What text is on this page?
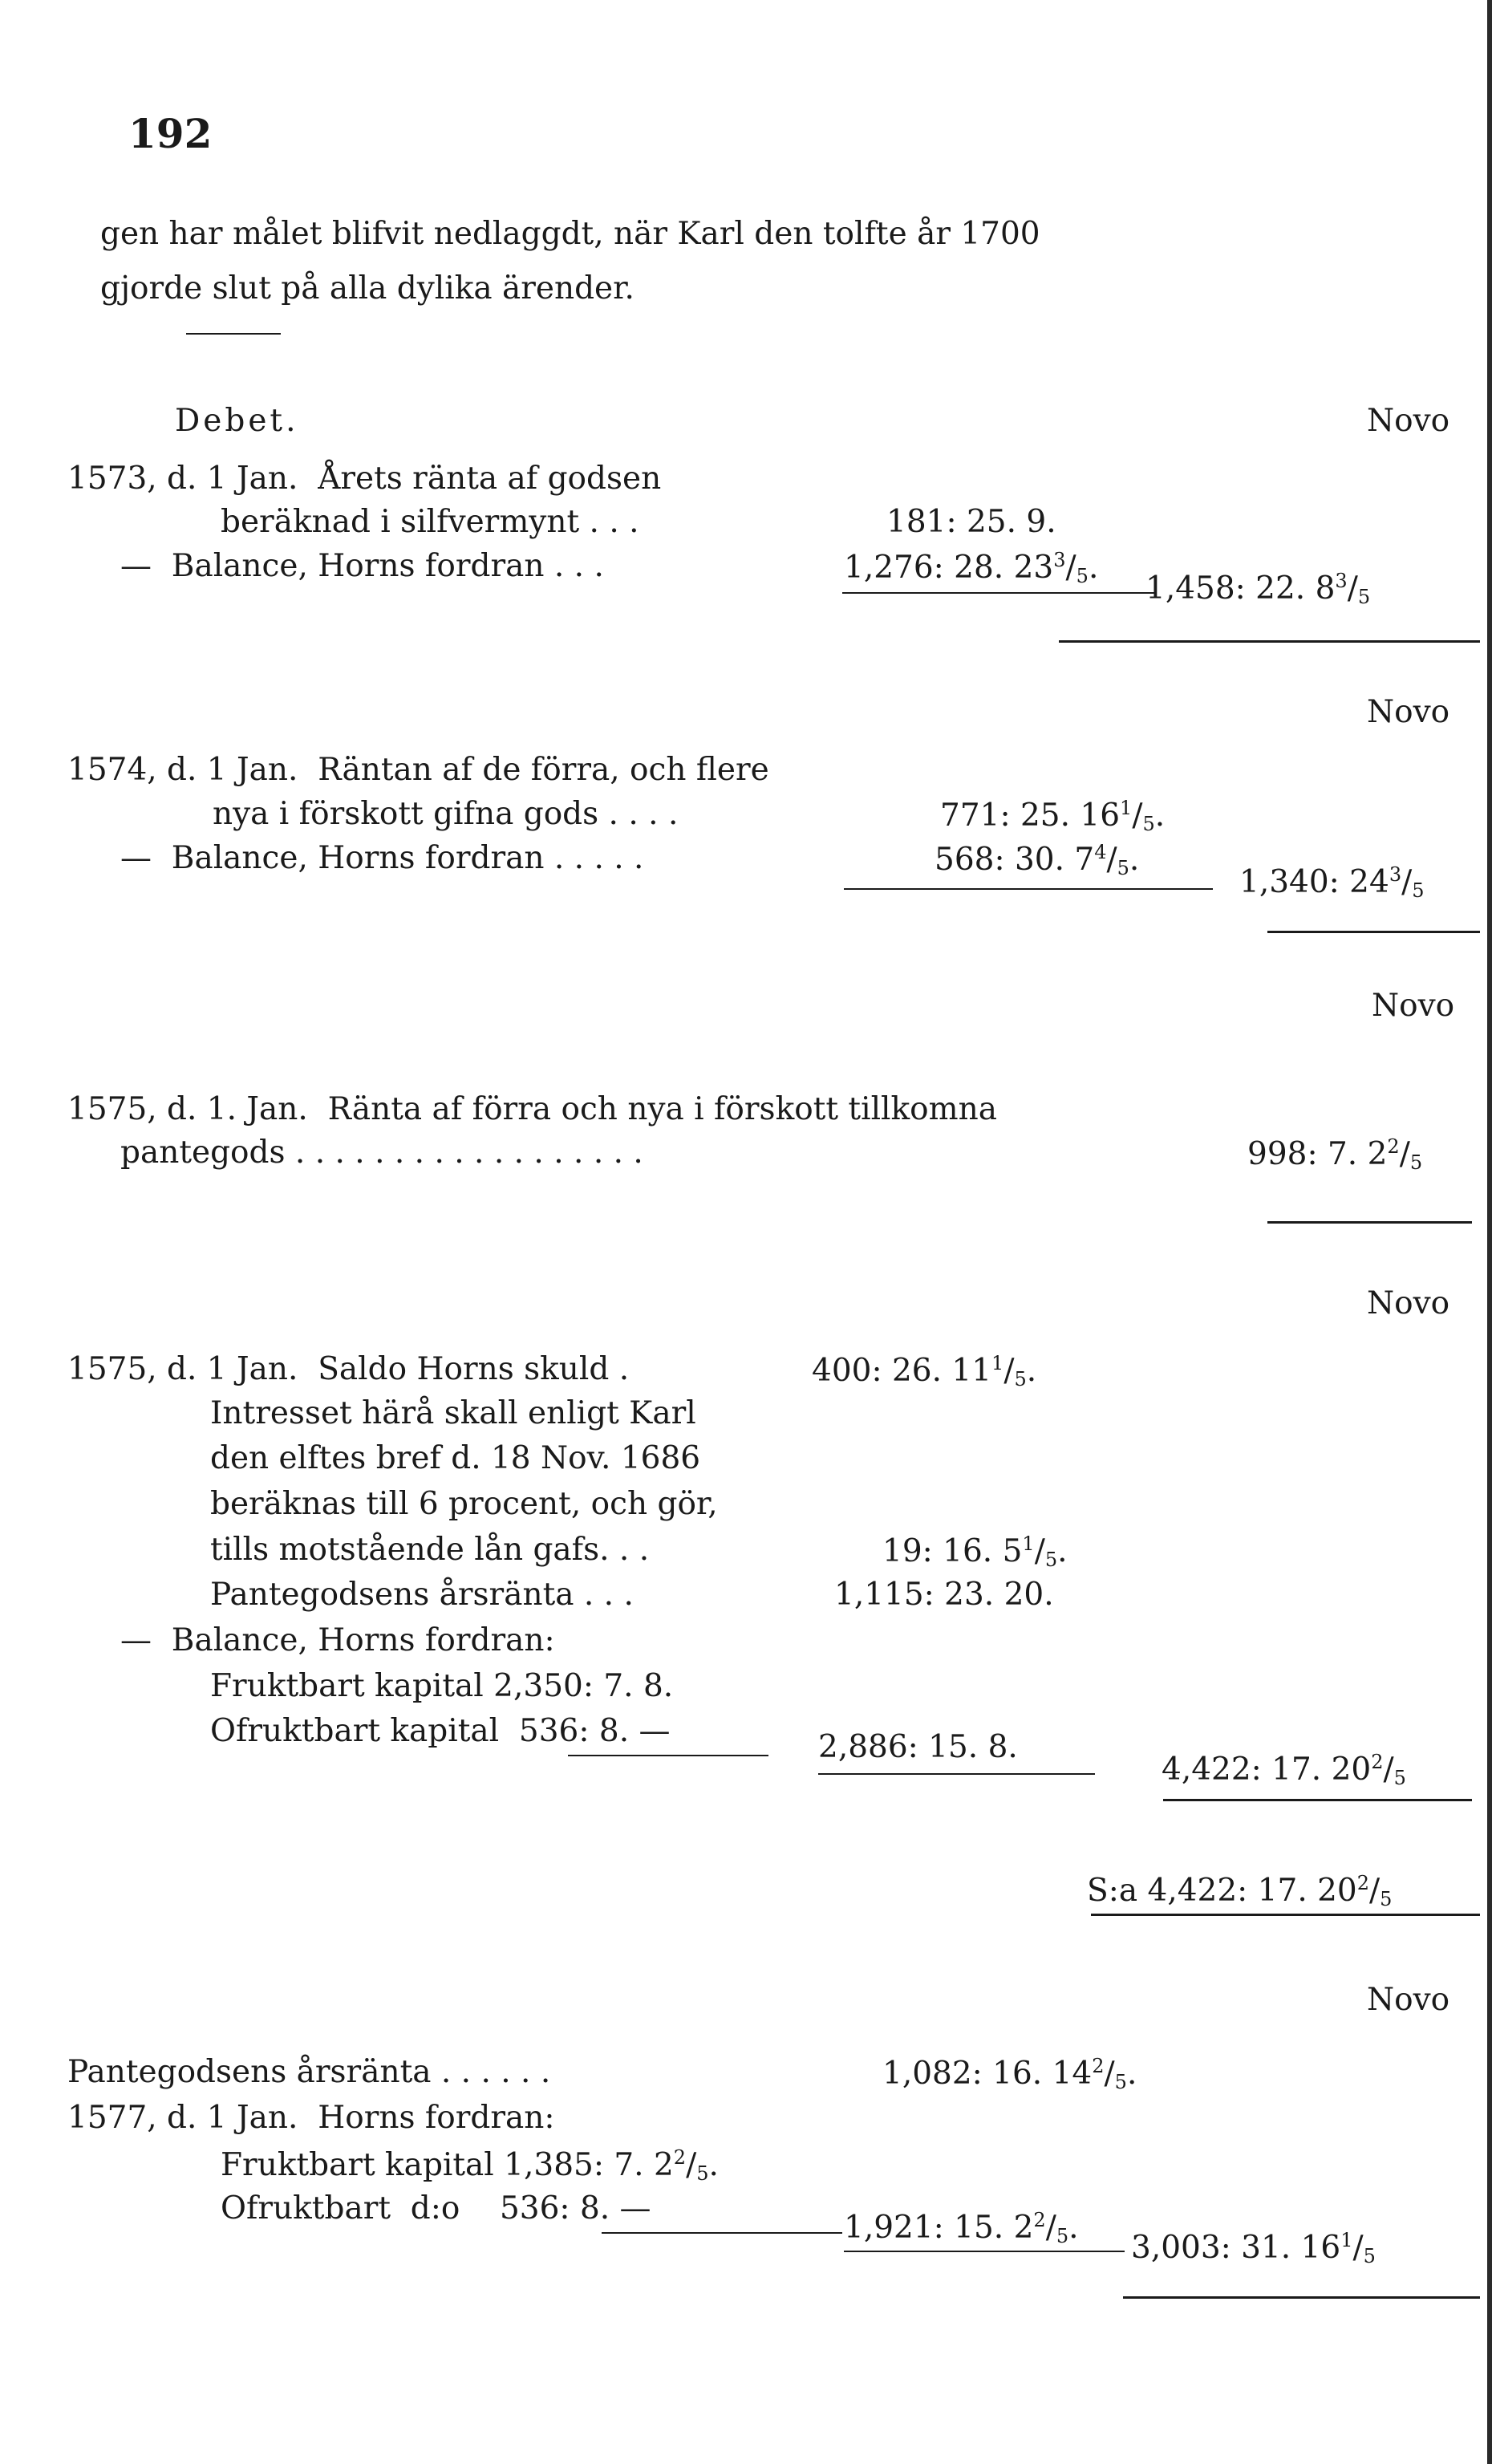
192
gen har målet blifvit nedlaggdt, när Karl den tolfte år 1700
gjorde slut på alla dylika ärender.
Debet.	Novo
1573, d. 1 Jan.  Årets ränta af godsen
beräknad i silfvermynt . . .	181: 25. 9.
—  Balance, Horns fordran . . .	1,276: 28. $23^3/_5$.
1,458: 22. $8^3/_5$
Novo
1574, d. 1 Jan.  Räntan af de förra, och flere
nya i förskott gifna gods . . . .	771: 25. $16^1/_5$.
—  Balance, Horns fordran . . . . .	568: 30. $7^4/_5$.
1,340: $24^3/_5$
Novo
1575, d. 1. Jan.  Ränta af förra och nya i förskott tillkomna
pantegods . . . . . . . . . . . . . . . . . .	998: 7. $2^2/_5$
Novo
1575, d. 1 Jan.  Saldo Horns skuld .	400: 26. $11^1/_5$.
Intresset härå skall enligt Karl
den elftes bref d. 18 Nov. 1686
beräknas till 6 procent, och gör,
tills motstående lån gafs. . .	19: 16. $5^1/_5$.
Pantegodsens årsränta . . .	1,115: 23. 20.
—  Balance, Horns fordran:
Fruktbart kapital 2,350: 7. 8.
Ofruktbart kapital  536: 8. —	2,886: 15. 8.
4,422: 17. $20^2/_5$
S:a 4,422: 17. $20^2/_5$
Novo
Pantegodsens årsränta . . . . . .	1,082: 16. $14^2/_5$.
1577, d. 1 Jan.  Horns fordran:
Fruktbart kapital 1,385: 7. $2^2/_5$.
Ofruktbart  d:o    536: 8. —
1,921: 15. $2^2/_5$.
3,003: 31. $16^1/_5$
